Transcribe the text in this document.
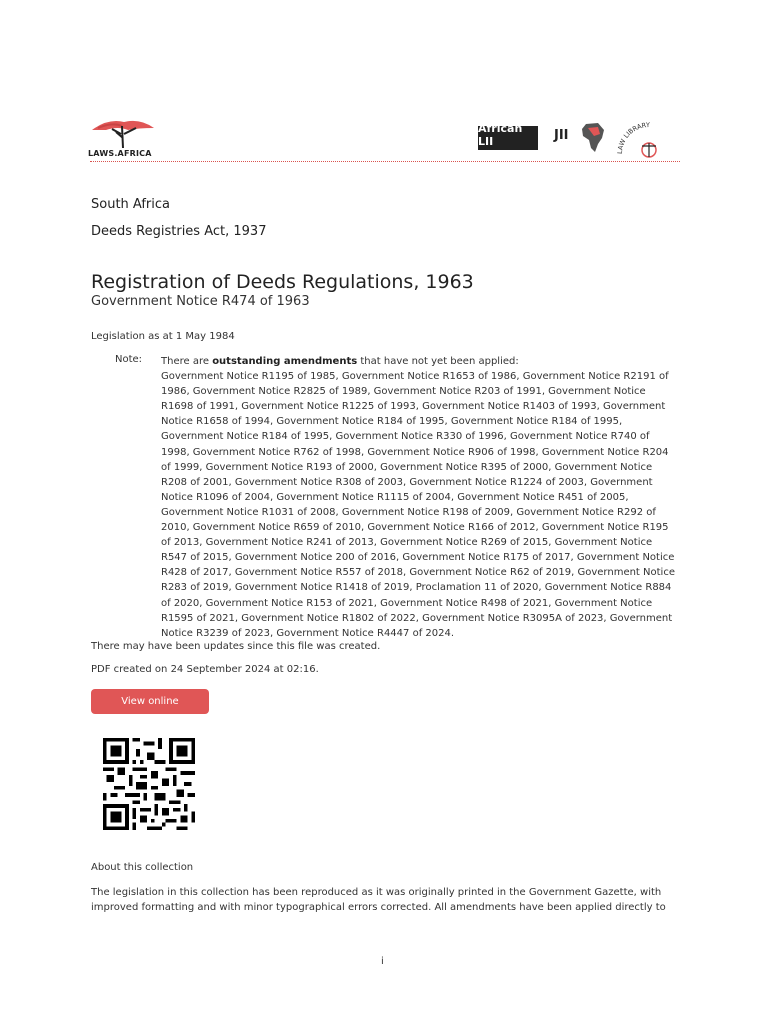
LAWS.AFRICA
African LII	JII
LAW LIBRARY
South Africa
Deeds Registries Act, 1937
Registration of Deeds Regulations, 1963
Government Notice R474 of 1963
Legislation as at 1 May 1984
Note: There are outstanding amendments that have not yet been applied:
Government Notice R1195 of 1985, Government Notice R1653 of 1986, Government Notice R2191 of 1986, Government Notice R2825 of 1989, Government Notice R203 of 1991, Government Notice R1698 of 1991, Government Notice R1225 of 1993, Government Notice R1403 of 1993, Government Notice R1658 of 1994, Government Notice R184 of 1995, Government Notice R184 of 1995, Government Notice R184 of 1995, Government Notice R330 of 1996, Government Notice R740 of 1998, Government Notice R762 of 1998, Government Notice R906 of 1998, Government Notice R204 of 1999, Government Notice R193 of 2000, Government Notice R395 of 2000, Government Notice R208 of 2001, Government Notice R308 of 2003, Government Notice R1224 of 2003, Government Notice R1096 of 2004, Government Notice R1115 of 2004, Government Notice R451 of 2005, Government Notice R1031 of 2008, Government Notice R198 of 2009, Government Notice R292 of 2010, Government Notice R659 of 2010, Government Notice R166 of 2012, Government Notice R195 of 2013, Government Notice R241 of 2013, Government Notice R269 of 2015, Government Notice R547 of 2015, Government Notice 200 of 2016, Government Notice R175 of 2017, Government Notice R428 of 2017, Government Notice R557 of 2018, Government Notice R62 of 2019, Government Notice R283 of 2019, Government Notice R1418 of 2019, Proclamation 11 of 2020, Government Notice R884 of 2020, Government Notice R153 of 2021, Government Notice R498 of 2021, Government Notice R1595 of 2021, Government Notice R1802 of 2022, Government Notice R3095A of 2023, Government Notice R3239 of 2023, Government Notice R4447 of 2024.
There may have been updates since this file was created.
PDF created on 24 September 2024 at 02:16.
View online
About this collection
The legislation in this collection has been reproduced as it was originally printed in the Government Gazette, with improved formatting and with minor typographical errors corrected. All amendments have been applied directly to
i
